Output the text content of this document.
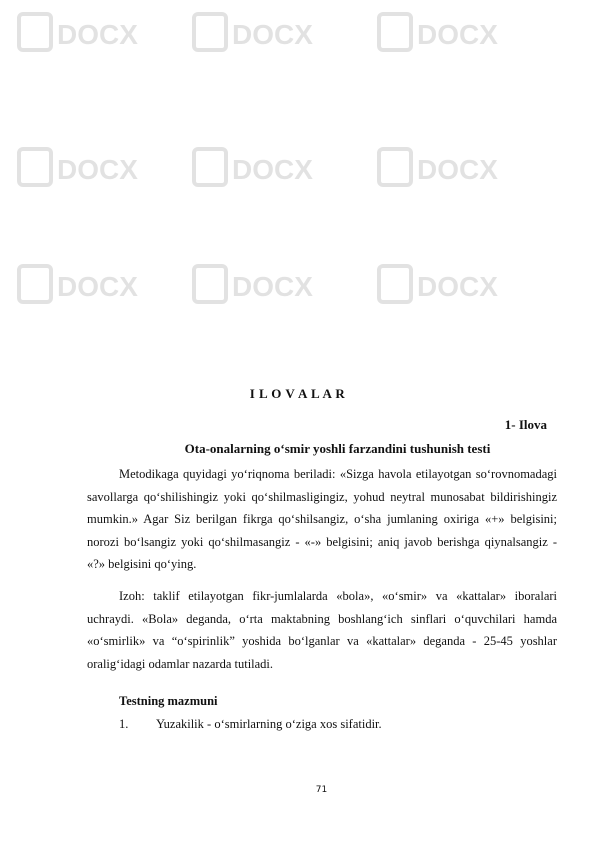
DOCX	DOCX	DOCX
DOCX	DOCX	DOCX
DOCX	DOCX	DOCX
I L O V A L A R
1- Ilova
Ota-onalarning o‘smir yoshli farzandini tushunish testi

Metodikaga quyidagi yo‘riqnoma beriladi: «Sizga havola etilayotgan so‘rovnomadagi savollarga qo‘shilishingiz yoki qo‘shilmasligingiz, yohud neytral munosabat bildirishingiz mumkin.» Agar Siz berilgan fikrga qo‘shilsangiz, o‘sha jumlaning oxiriga «+» belgisini; norozi bo‘lsangiz yoki qo‘shilmasangiz - «-» belgisini; aniq javob berishga qiynalsangiz - «?» belgisini qo‘ying.

Izoh: taklif etilayotgan fikr-jumlalarda «bola», «o‘smir» va «kattalar» iboralari uchraydi. «Bola» deganda, o‘rta maktabning boshlang‘ich sinflari o‘quvchilari hamda «o‘smirlik» va “o‘spirinlik” yoshida bo‘lganlar va «kattalar» deganda - 25-45 yoshlar oralig‘idagi odamlar nazarda tutiladi.

Testning mazmuni
1.	Yuzakilik - o‘smirlarning o‘ziga xos sifatidir.
71
